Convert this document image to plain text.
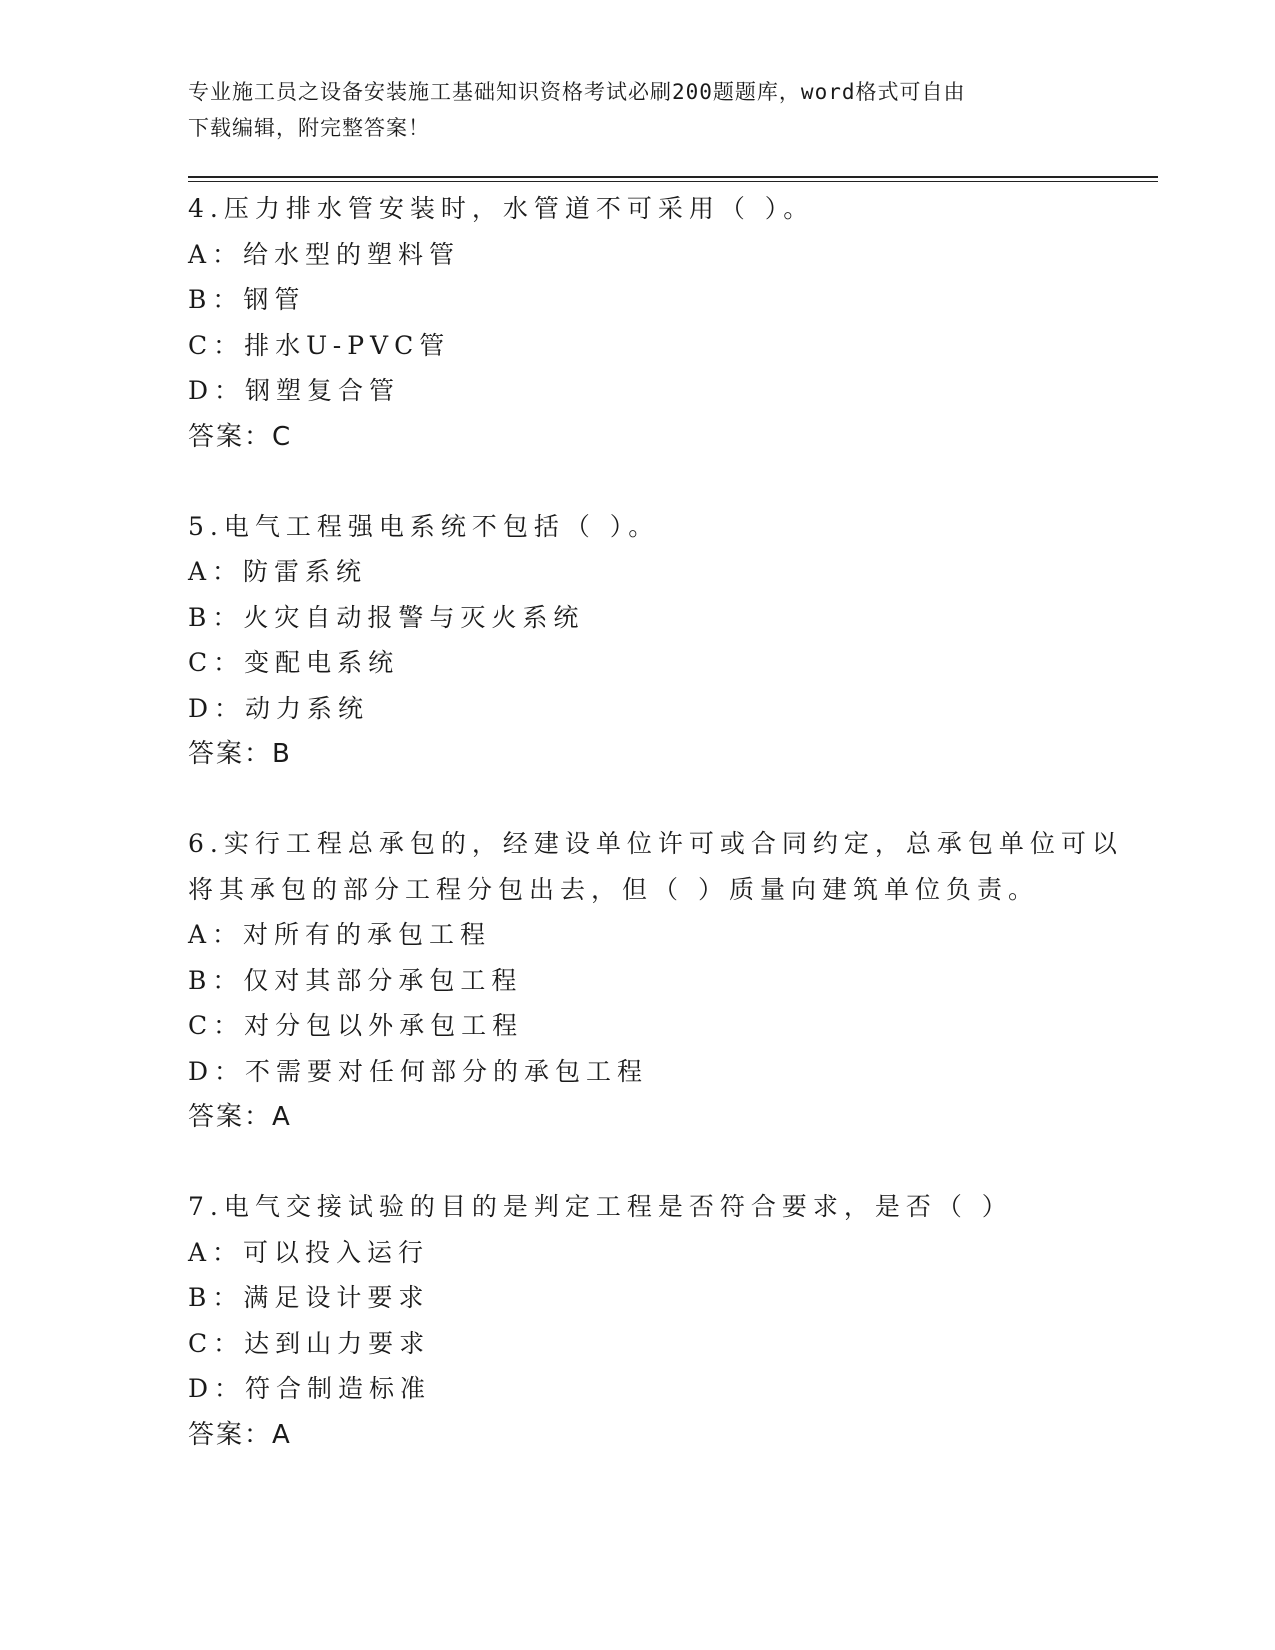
专业施工员之设备安装施工基础知识资格考试必刷200题题库，word格式可自由
下载编辑，附完整答案！
4.压力排水管安装时，水管道不可采用（ ）。
A：给水型的塑料管
B：钢管
C：排水U-PVC管
D：钢塑复合管
答案：C
5.电气工程强电系统不包括（ ）。
A：防雷系统
B：火灾自动报警与灭火系统
C：变配电系统
D：动力系统
答案：B
6.实行工程总承包的，经建设单位许可或合同约定，总承包单位可以
将其承包的部分工程分包出去，但（ ）质量向建筑单位负责。
A：对所有的承包工程
B：仅对其部分承包工程
C：对分包以外承包工程
D：不需要对任何部分的承包工程
答案：A
7.电气交接试验的目的是判定工程是否符合要求，是否（ ）
A：可以投入运行
B：满足设计要求
C：达到山力要求
D：符合制造标准
答案：A
